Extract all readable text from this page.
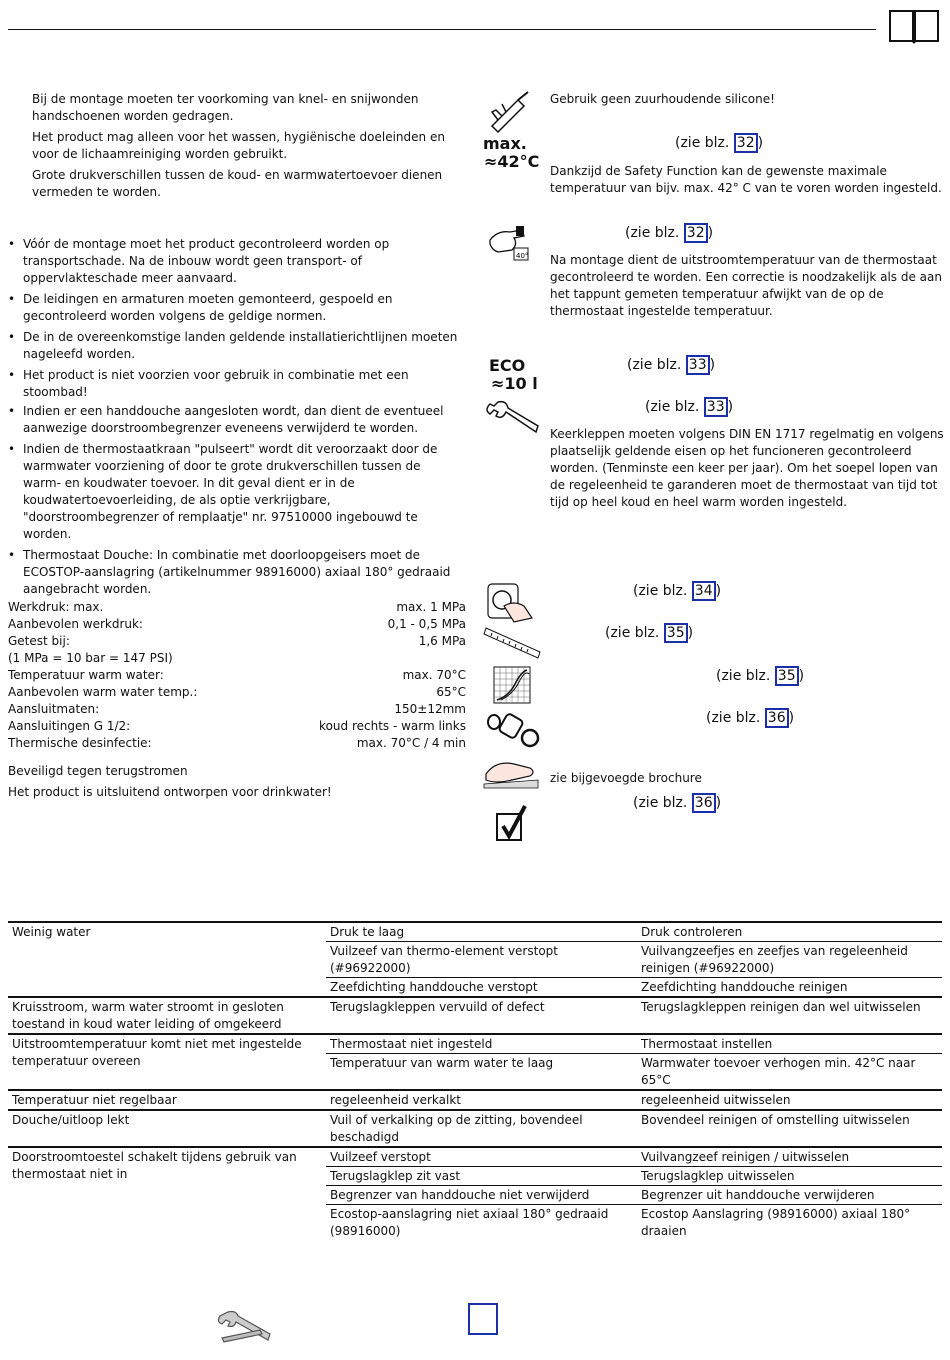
Bij de montage moeten ter voorkoming van knel- en snijwonden handschoenen worden gedragen.

Het product mag alleen voor het wassen, hygiënische doeleinden en voor de lichaamreiniging worden gebruikt.

Grote drukverschillen tussen de koud- en warmwatertoevoer dienen vermeden te worden.

• Vóór de montage moet het product gecontroleerd worden op transportschade. Na de inbouw wordt geen transport- of oppervlakteschade meer aanvaard.
• De leidingen en armaturen moeten gemonteerd, gespoeld en gecontroleerd worden volgens de geldige normen.
• De in de overeenkomstige landen geldende installatierichtlijnen moeten nageleefd worden.
• Het product is niet voorzien voor gebruik in combinatie met een stoombad!
• Indien er een handdouche aangesloten wordt, dan dient de eventueel aanwezige doorstroombegrenzer eveneens verwijderd te worden.
• Indien de thermostaatkraan "pulseert" wordt dit veroorzaakt door de warmwater voorziening of door te grote drukverschillen tussen de warm- en koudwater toevoer. In dit geval dient er in de koudwatertoevoerleiding, de als optie verkrijgbare, "doorstroombegrenzer of remplaatje" nr. 97510000 ingebouwd te worden.
• Thermostaat Douche: In combinatie met doorloopgeisers moet de ECOSTOP-aanslagring (artikelnummer 98916000) axiaal 180° gedraaid aangebracht worden.
Werkdruk: max.	max. 1 MPa
Aanbevolen werkdruk:	0,1 - 0,5 MPa
Getest bij:	1,6 MPa
(1 MPa = 10 bar = 147 PSI)	
Temperatuur warm water:	max. 70°C
Aanbevolen warm water temp.:	65°C
Aansluitmaten:	150±12mm
Aansluitingen G 1/2:	koud rechts - warm links
Thermische desinfectie:	max. 70°C / 4 min
Beveiligd tegen terugstromen
Het product is uitsluitend ontworpen voor drinkwater!
max.
≈42°C
40°
ECO
≈10 l
Gebruik geen zuurhoudende silicone!
Dankzijd de Safety Function kan de gewenste maximale temperatuur van bijv. max. 42° C van te voren worden ingesteld.
Na montage dient de uitstroomtemperatuur van de thermostaat gecontroleerd te worden. Een correctie is noodzakelijk als de aan het tappunt gemeten temperatuur afwijkt van de op de thermostaat ingestelde temperatuur.
Keerkleppen moeten volgens DIN EN 1717 regelmatig en volgens plaatselijk geldende eisen op het funcioneren gecontroleerd worden. (Tenminste een keer per jaar). Om het soepel lopen van de regeleenheid te garanderen moet de thermostaat van tijd tot tijd op heel koud en heel warm worden ingesteld.
zie bijgevoegde brochure
(zie blz. 32 )
(zie blz. 32 )
(zie blz. 33 )
(zie blz. 33 )
(zie blz. 34 )
(zie blz. 35 )
(zie blz. 35 )
(zie blz. 36 )
(zie blz. 36 )
Weinig water	Druk te laag	Druk controleren
	Vuilzeef van thermo-element verstopt (#96922000)	Vuilvangzeefjes en zeefjes van regeleenheid reinigen (#96922000)
	Zeefdichting handdouche verstopt	Zeefdichting handdouche reinigen
Kruisstroom, warm water stroomt in gesloten toestand in koud water leiding of omgekeerd	Terugslagkleppen vervuild of defect	Terugslagkleppen reinigen dan wel uitwisselen
Uitstroomtemperatuur komt niet met ingestelde temperatuur overeen	Thermostaat niet ingesteld	Thermostaat instellen
	Temperatuur van warm water te laag	Warmwater toevoer verhogen min. 42°C naar 65°C
Temperatuur niet regelbaar	regeleenheid verkalkt	regeleenheid uitwisselen
Douche/uitloop lekt	Vuil of verkalking op de zitting, bovendeel beschadigd	Bovendeel reinigen of omstelling uitwisselen
Doorstroomtoestel schakelt tijdens gebruik van thermostaat niet in	Vuilzeef verstopt	Vuilvangzeef reinigen / uitwisselen
	Terugslagklep zit vast	Terugslagklep uitwisselen
	Begrenzer van handdouche niet verwijderd	Begrenzer uit handdouche verwijderen
	Ecostop-aanslagring niet axiaal 180° gedraaid (98916000)	Ecostop Aanslagring (98916000) axiaal 180° draaien
